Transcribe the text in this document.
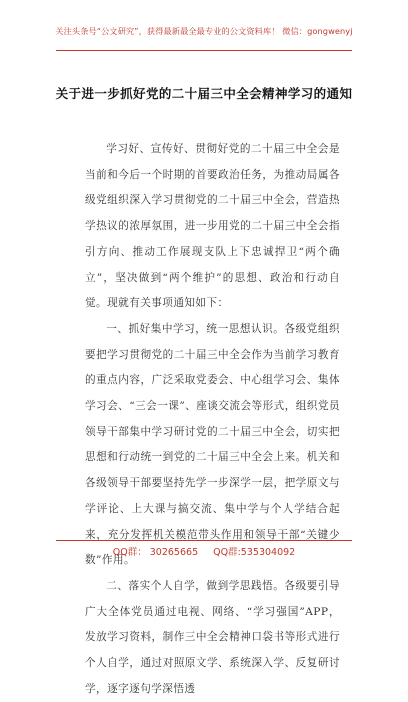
关注头条号“公文研究”，获得最新最全最专业的公文资料库！ 微信：gongwenyj
关于进一步抓好党的二十届三中全会精神学习的通知

学习好、宣传好、贯彻好党的二十届三中全会是当前和今后一个时期的首要政治任务，为推动局属各级党组织深入学习贯彻党的二十届三中全会，营造热学热议的浓厚氛围，进一步用党的二十届三中全会指引方向、推动工作展现支队上下忠诚捍卫“两个确立”，坚决做到“两个维护”的思想、政治和行动自觉。现就有关事项通知如下：

一、抓好集中学习，统一思想认识。各级党组织要把学习贯彻党的二十届三中全会作为当前学习教育的重点内容，广泛采取党委会、中心组学习会、集体学习会、“三会一课”、座谈交流会等形式，组织党员领导干部集中学习研讨党的二十届三中全会，切实把思想和行动统一到党的二十届三中全会上来。机关和各级领导干部要坚持先学一步深学一层，把学原文与学评论、上大课与搞交流、集中学与个人学结合起来，充分发挥机关模范带头作用和领导干部“关键少数”作用。

二、落实个人自学，做到学思践悟。各级要引导广大全体党员通过电视、网络、“学习强国”APP，发放学习资料，制作三中全会精神口袋书等形式进行个人自学，通过对照原文学、系统深入学、反复研讨学，逐字逐句学深悟透

QQ群： 30265665 QQ群:535304092
